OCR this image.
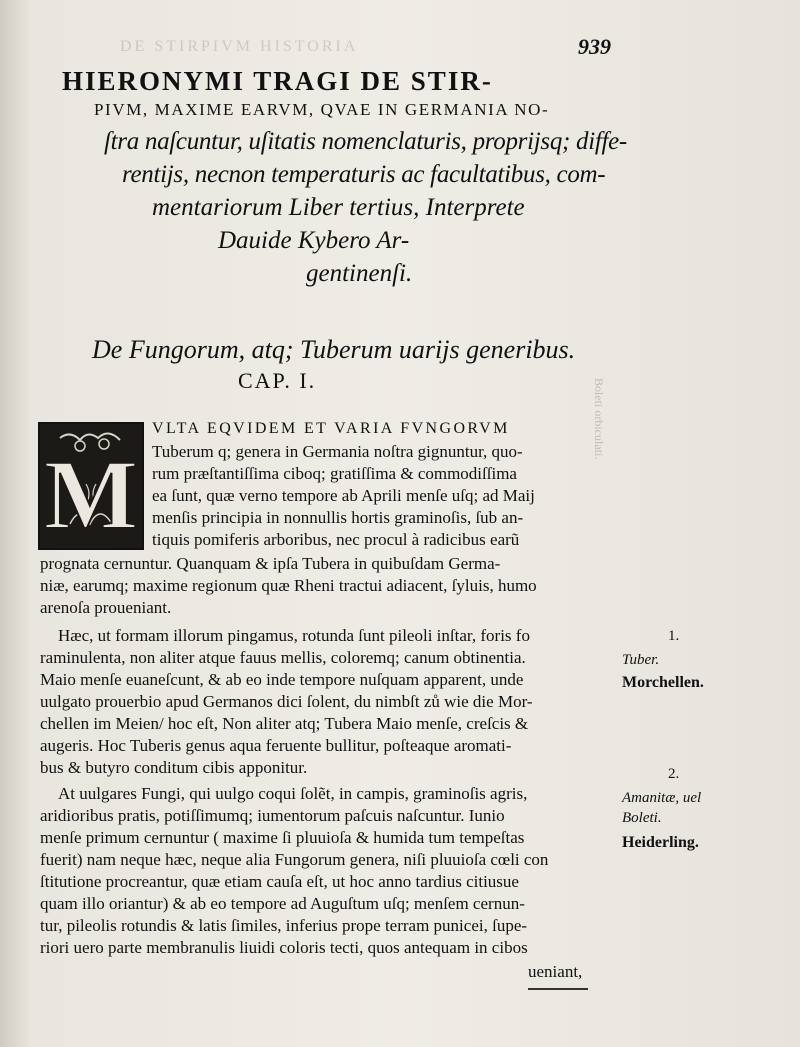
DE STIRPIVM HISTORIA	939
HIERONYMI TRAGI DE STIR-
PIVM, MAXIME EARVM, QVAE IN GERMANIA NO-
ſtra naſcuntur, uſitatis nomenclaturis, proprijsq; diffe-
rentijs, necnon temperaturis ac facultatibus, com-
mentariorum Liber tertius, Interprete
Dauide Kybero Ar-
gentinenſi.
De Fungorum, atq; Tuberum uarijs generibus.
CAP. I.	Boleti orbiculati.
M
VLTA EQVIDEM ET VARIA FVNGORVM
Tuberum q; genera in Germania noſtra gignuntur, quo-
rum præſtantiſſima ciboq; gratiſſima & commodiſſima
ea ſunt, quæ verno tempore ab Aprili menſe uſq; ad Maij
menſis principia in nonnullis hortis graminoſis, ſub an-
tiquis pomiferis arboribus, nec procul à radicibus earũ
prognata cernuntur. Quanquam & ipſa Tubera in quibuſdam Germa-
niæ, earumq; maxime regionum quæ Rheni tractui adiacent, ſyluis, humo
arenoſa proueniant.
Hæc, ut formam illorum pingamus, rotunda ſunt pileoli inſtar, foris fo
raminulenta, non aliter atque fauus mellis, coloremq; canum obtinentia.
Maio menſe euaneſcunt, & ab eo inde tempore nuſquam apparent, unde
uulgato prouerbio apud Germanos dici ſolent, du nimbſt zů wie die Mor-
chellen im Meien/ hoc eſt, Non aliter atq; Tubera Maio menſe, creſcis &
augeris. Hoc Tuberis genus aqua feruente bullitur, poſteaque aromati-
bus & butyro conditum cibis apponitur.
At uulgares Fungi, qui uulgo coqui ſolẽt, in campis, graminoſis agris,
aridioribus pratis, potiſſimumq; iumentorum paſcuis naſcuntur. Iunio
menſe primum cernuntur ( maxime ſi pluuioſa & humida tum tempeſtas
fuerit) nam neque hæc, neque alia Fungorum genera, niſi pluuioſa cœli con
ſtitutione procreantur, quæ etiam cauſa eſt, ut hoc anno tardius citiusue
quam illo oriantur) & ab eo tempore ad Auguſtum uſq; menſem cernun-
tur, pileolis rotundis & latis ſimiles, inferius prope terram punicei, ſupe-
riori uero parte membranulis liuidi coloris tecti, quos antequam in cibos
ueniant,
1.
Tuber.
Morchellen.
2.
Amanitæ, uel
Boleti.
Heiderling.
